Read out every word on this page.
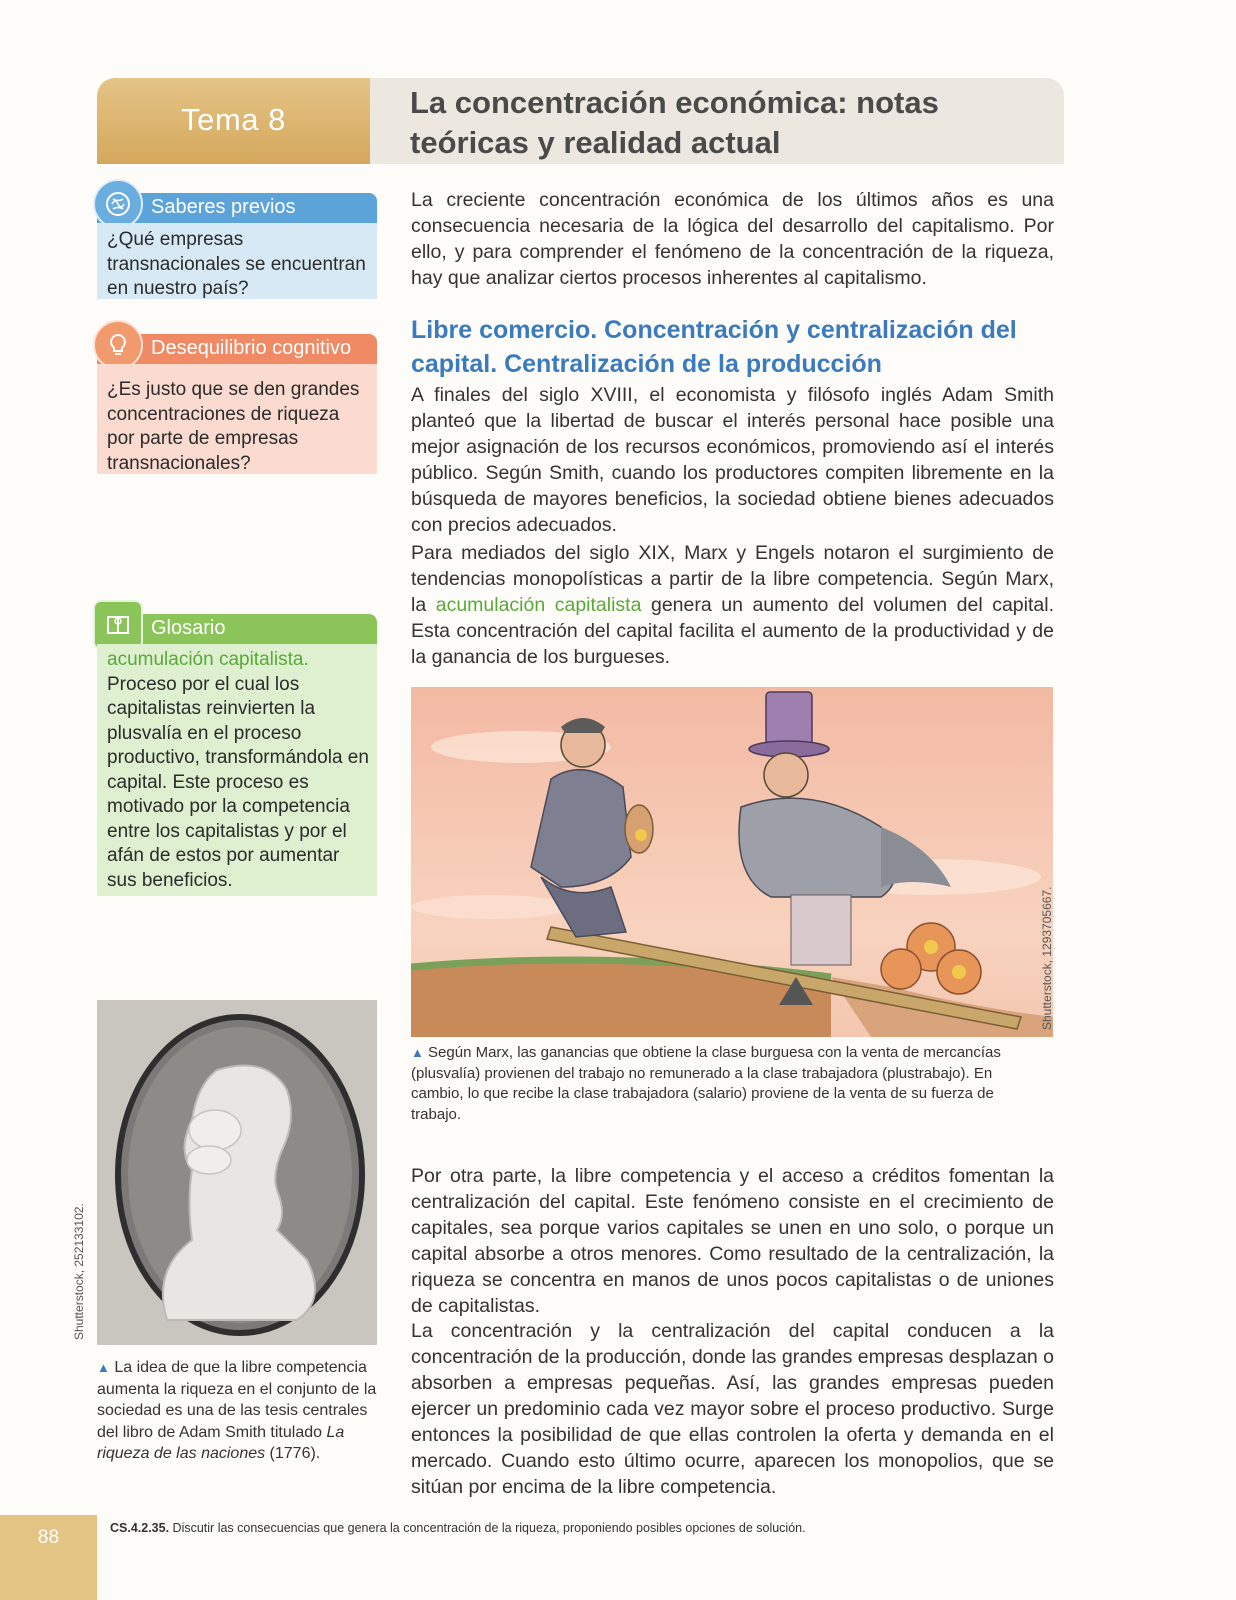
Tema 8	La concentración económica: notas teóricas y realidad actual
Saberes previos
¿Qué empresas transnacionales se encuentran en nuestro país?
Desequilibrio cognitivo
¿Es justo que se den grandes concentraciones de riqueza por parte de empresas transnacionales?
Glosario
acumulación capitalista.
Proceso por el cual los capitalistas reinvierten la plusvalía en el proceso productivo, transformándola en capital. Este proceso es motivado por la competencia entre los capitalistas y por el afán de estos por aumentar sus beneficios.

La creciente concentración económica de los últimos años es una consecuencia necesaria de la lógica del desarrollo del capitalismo. Por ello, y para comprender el fenómeno de la concentración de la riqueza, hay que analizar ciertos procesos inherentes al capitalismo.

Libre comercio. Concentración y centralización del capital. Centralización de la producción

A finales del siglo XVIII, el economista y filósofo inglés Adam Smith planteó que la libertad de buscar el interés personal hace posible una mejor asignación de los recursos económicos, promoviendo así el interés público. Según Smith, cuando los productores compiten libremente en la búsqueda de mayores beneficios, la sociedad obtiene bienes adecuados con precios adecuados.

Para mediados del siglo XIX, Marx y Engels notaron el surgimiento de tendencias monopolísticas a partir de la libre competencia. Según Marx, la acumulación capitalista genera un aumento del volumen del capital. Esta concentración del capital facilita el aumento de la productividad y de la ganancia de los burgueses.

Shutterstock, 1293705667.

▲ Según Marx, las ganancias que obtiene la clase burguesa con la venta de mercancías (plusvalía) provienen del trabajo no remunerado a la clase trabajadora (plustrabajo). En cambio, lo que recibe la clase trabajadora (salario) proviene de la venta de su fuerza de trabajo.

Por otra parte, la libre competencia y el acceso a créditos fomentan la centralización del capital. Este fenómeno consiste en el crecimiento de capitales, sea porque varios capitales se unen en uno solo, o porque un capital absorbe a otros menores. Como resultado de la centralización, la riqueza se concentra en manos de unos pocos capitalistas o de uniones de capitalistas.

La concentración y la centralización del capital conducen a la concentración de la producción, donde las grandes empresas desplazan o absorben a empresas pequeñas. Así, las grandes empresas pueden ejercer un predominio cada vez mayor sobre el proceso productivo. Surge entonces la posibilidad de que ellas controlen la oferta y demanda en el mercado. Cuando esto último ocurre, aparecen los monopolios, que se sitúan por encima de la libre competencia.

Shutterstock, 252133102.

▲ La idea de que la libre competencia aumenta la riqueza en el conjunto de la sociedad es una de las tesis centrales del libro de Adam Smith titulado La riqueza de las naciones (1776).

88	CS.4.2.35. Discutir las consecuencias que genera la concentración de la riqueza, proponiendo posibles opciones de solución.
